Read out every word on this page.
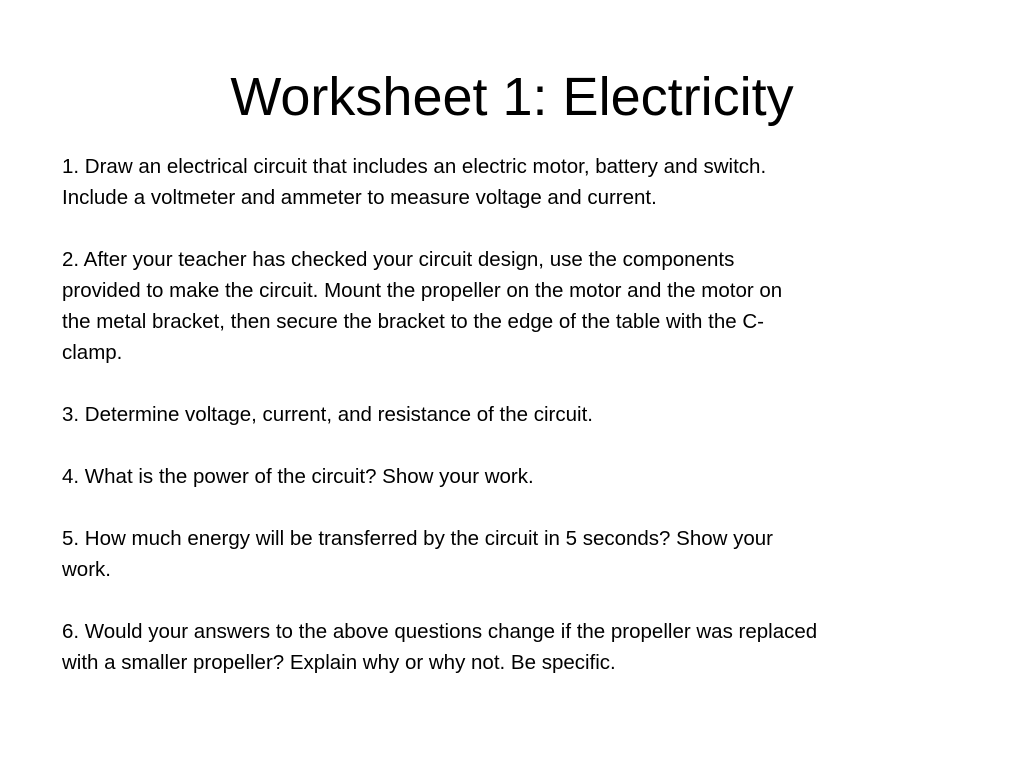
Worksheet 1: Electricity
1. Draw an electrical circuit that includes an electric motor, battery and switch.
Include a voltmeter and ammeter to measure voltage and current.
2. After your teacher has checked your circuit design, use the components
provided to make the circuit. Mount the propeller on the motor and the motor on
the metal bracket, then secure the bracket to the edge of the table with the C-
clamp.
3. Determine voltage, current, and resistance of the circuit.
4. What is the power of the circuit? Show your work.
5. How much energy will be transferred by the circuit in 5 seconds? Show your
work.
6. Would your answers to the above questions change if the propeller was replaced
with a smaller propeller? Explain why or why not. Be specific.
